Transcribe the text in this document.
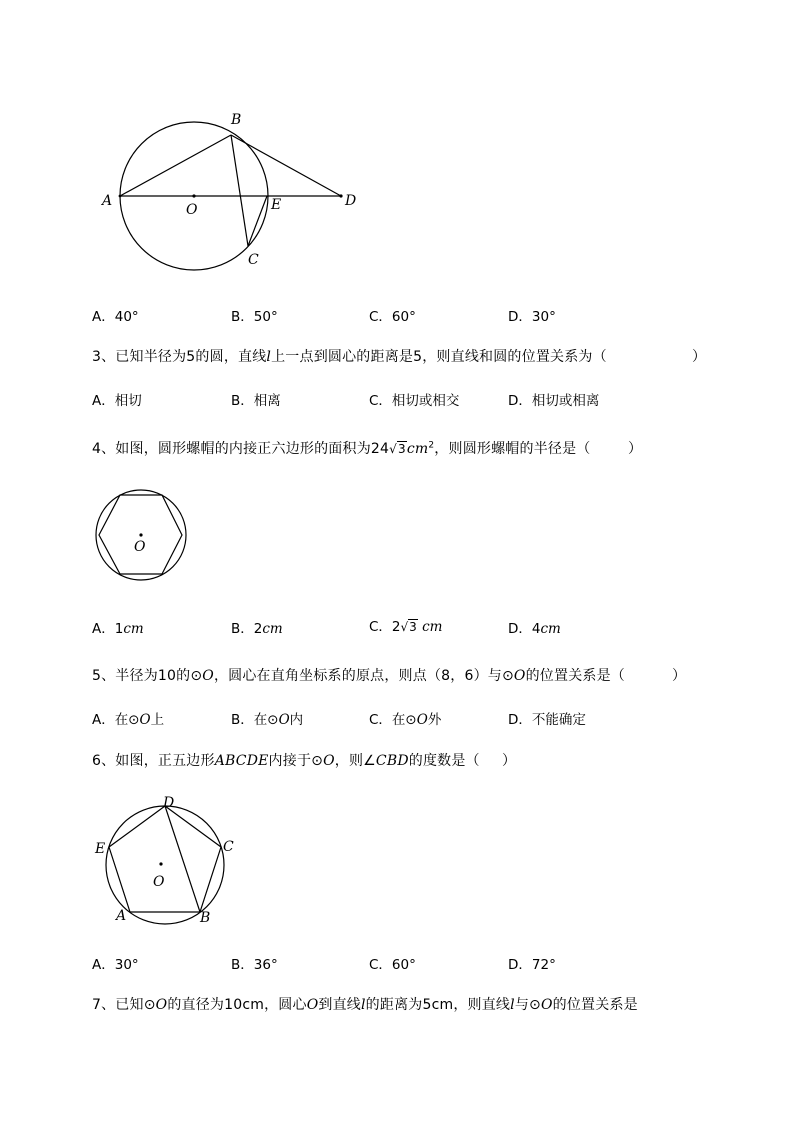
A
B
C
D
E
O
A．40°	B．50°	C．60°	D．30°
3、已知半径为5的圆，直线l上一点到圆心的距离是5，则直线和圆的位置关系为（	）
A．相切	B．相离	C．相切或相交	D．相切或相离
4、如图，圆形螺帽的内接正六边形的面积为$24√3cm^2$，则圆形螺帽的半径是（	）
O
A．1cm	B．2cm	C．2√3 cm	D．4cm
5、半径为10的⊙O，圆心在直角坐标系的原点，则点（8，6）与⊙O的位置关系是（	）
A．在⊙O上	B．在⊙O内	C．在⊙O外	D．不能确定
6、如图，正五边形ABCDE内接于⊙O，则∠CBD的度数是（ ）
D
E	C
A	B
O
A．30°	B．36°	C．60°	D．72°
7、已知⊙O的直径为10cm，圆心O到直线l的距离为5cm，则直线l与⊙O的位置关系是
